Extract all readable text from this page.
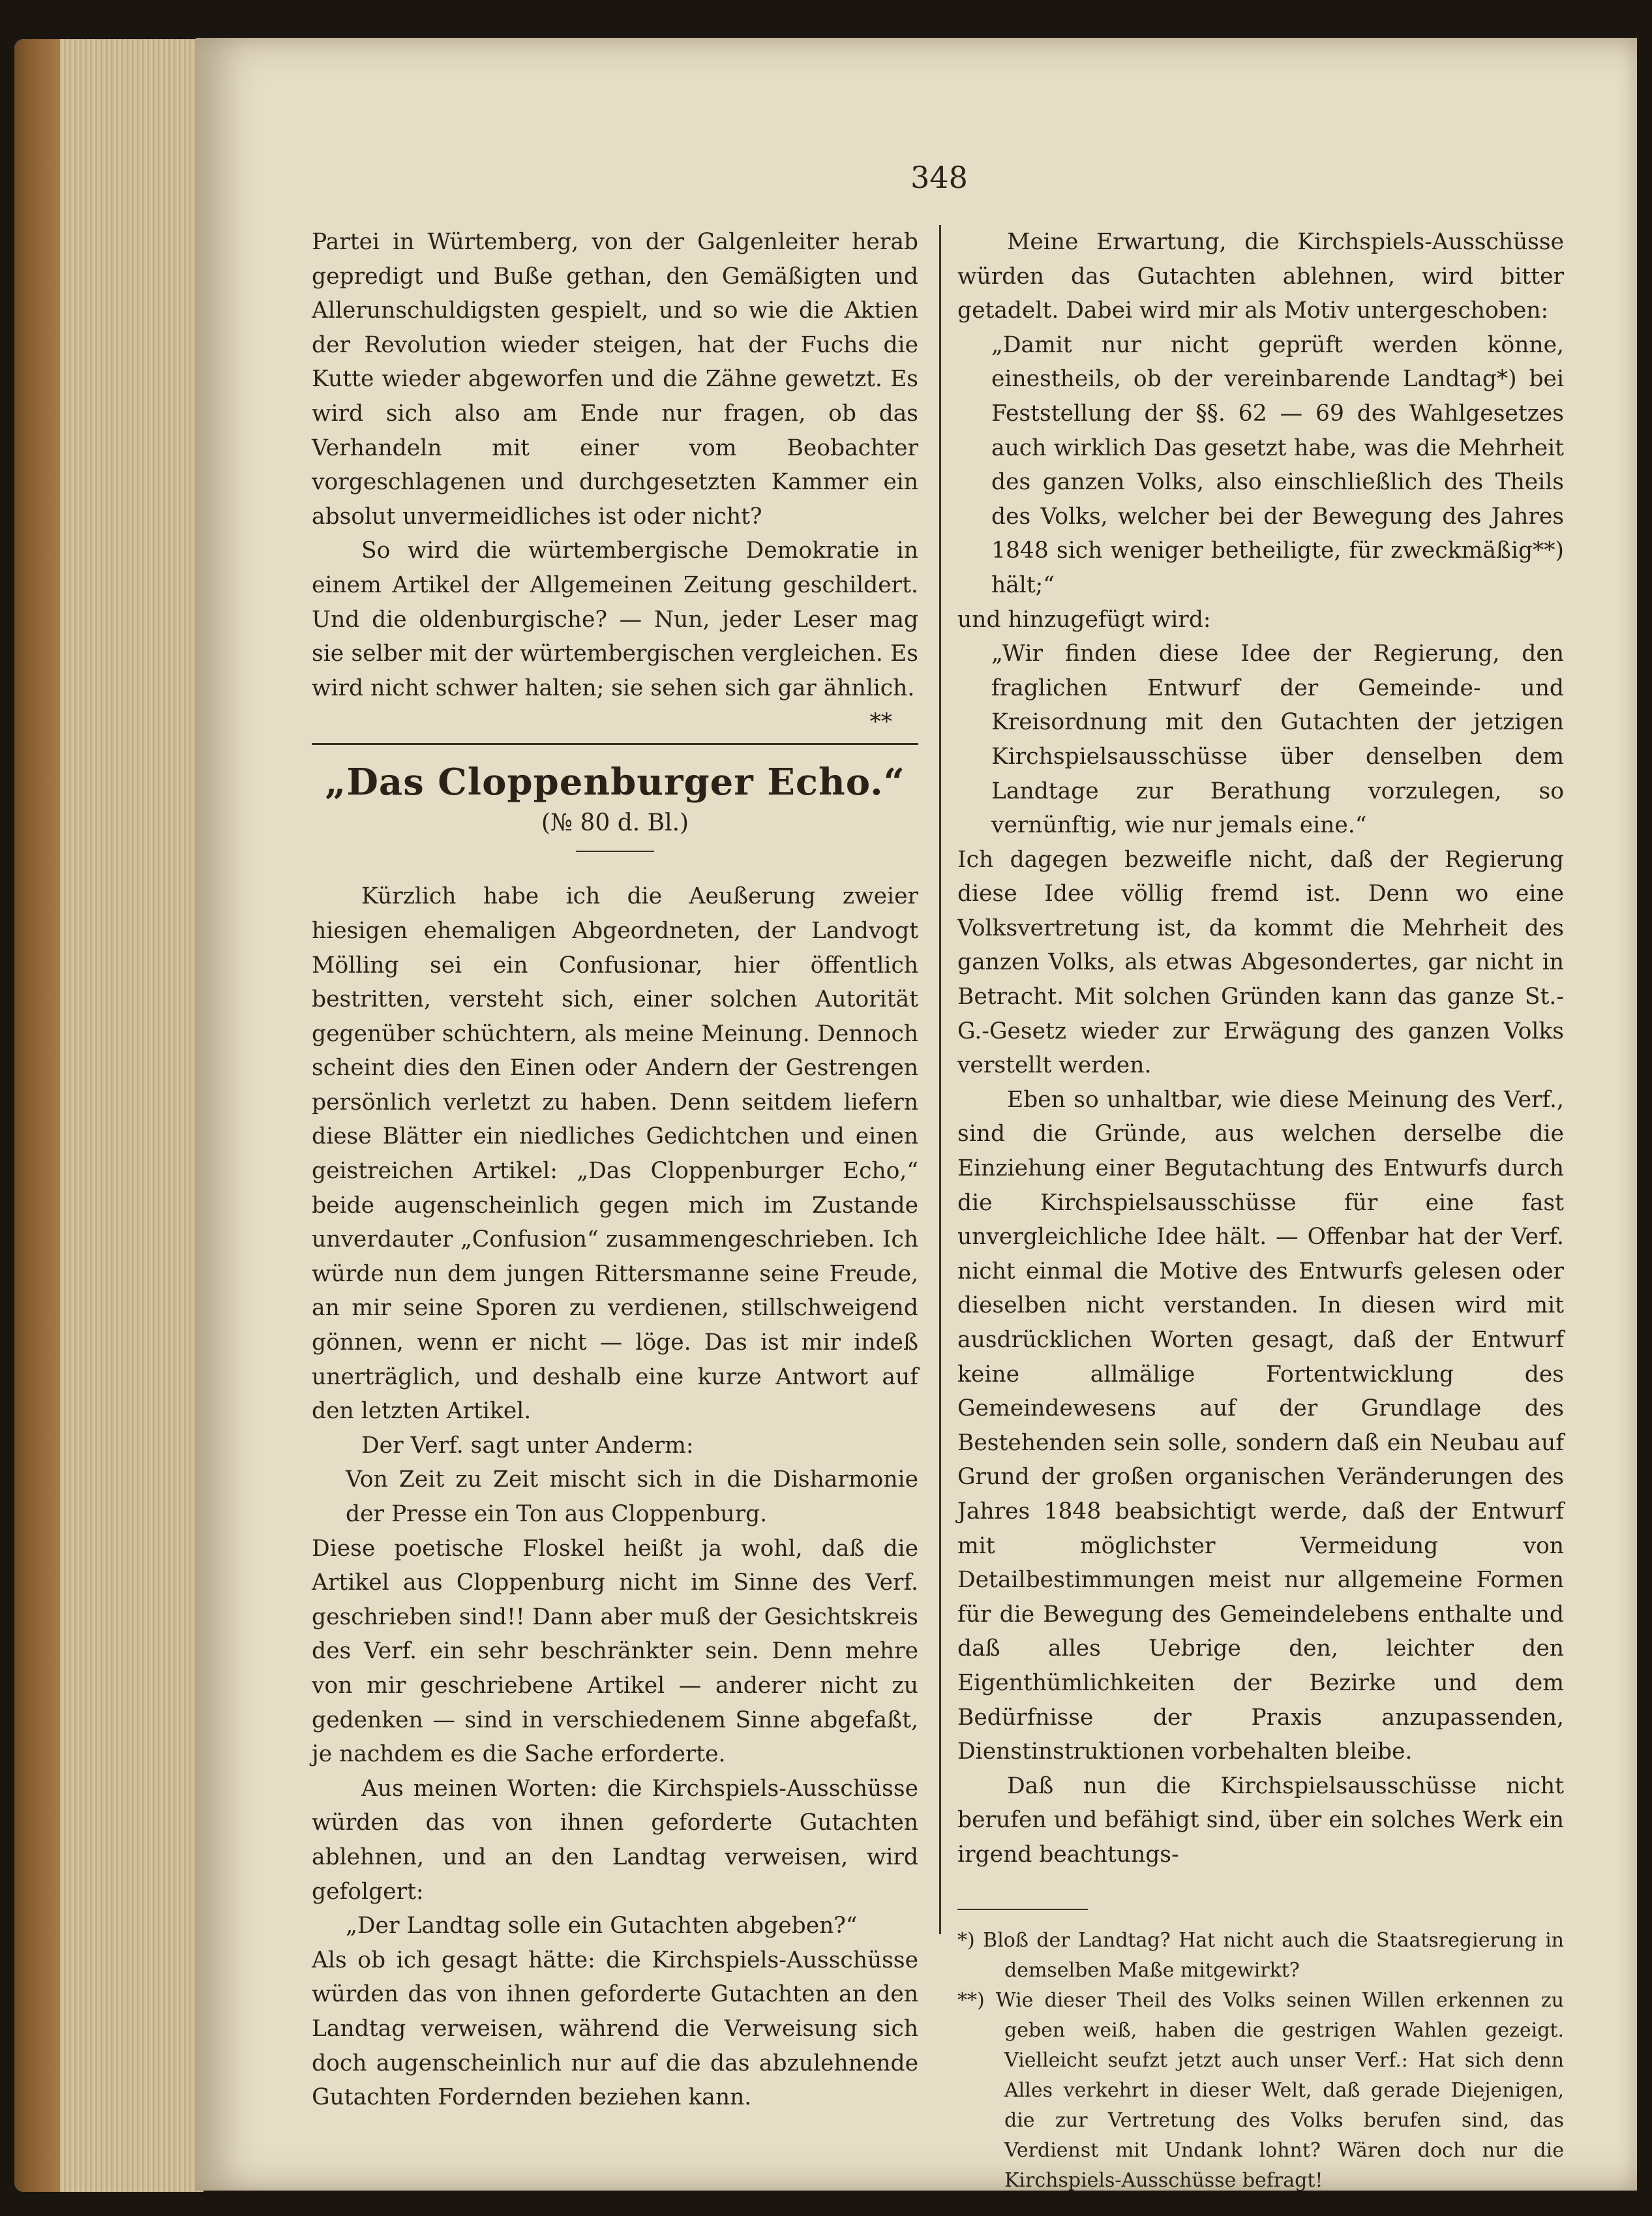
348

Partei in Würtemberg, von der Galgenleiter herab gepredigt und Buße gethan, den Gemäßigten und Allerunschuldigsten gespielt, und so wie die Aktien der Revolution wieder steigen, hat der Fuchs die Kutte wieder abgeworfen und die Zähne gewetzt. Es wird sich also am Ende nur fragen, ob das Verhandeln mit einer vom Beobachter vorgeschlagenen und durchgesetzten Kammer ein absolut unvermeidliches ist oder nicht?

So wird die würtembergische Demokratie in einem Artikel der Allgemeinen Zeitung geschildert. Und die oldenburgische? — Nun, jeder Leser mag sie selber mit der würtembergischen vergleichen. Es wird nicht schwer halten; sie sehen sich gar ähnlich.
**

„Das Cloppenburger Echo.“

(№ 80 d. Bl.)

Kürzlich habe ich die Aeußerung zweier hiesigen ehemaligen Abgeordneten, der Landvogt Mölling sei ein Confusionar, hier öffentlich bestritten, versteht sich, einer solchen Autorität gegenüber schüchtern, als meine Meinung. Dennoch scheint dies den Einen oder Andern der Gestrengen persönlich verletzt zu haben. Denn seitdem liefern diese Blätter ein niedliches Gedichtchen und einen geistreichen Artikel: „Das Cloppenburger Echo,“ beide augenscheinlich gegen mich im Zustande unverdauter „Confusion“ zusammengeschrieben. Ich würde nun dem jungen Rittersmanne seine Freude, an mir seine Sporen zu verdienen, stillschweigend gönnen, wenn er nicht — löge. Das ist mir indeß unerträglich, und deshalb eine kurze Antwort auf den letzten Artikel.

Der Verf. sagt unter Anderm:

Von Zeit zu Zeit mischt sich in die Disharmonie der Presse ein Ton aus Cloppenburg.

Diese poetische Floskel heißt ja wohl, daß die Artikel aus Cloppenburg nicht im Sinne des Verf. geschrieben sind!! Dann aber muß der Gesichtskreis des Verf. ein sehr beschränkter sein. Denn mehre von mir geschriebene Artikel — anderer nicht zu gedenken — sind in verschiedenem Sinne abgefaßt, je nachdem es die Sache erforderte.

Aus meinen Worten: die Kirchspiels-Ausschüsse würden das von ihnen geforderte Gutachten ablehnen, und an den Landtag verweisen, wird gefolgert:

„Der Landtag solle ein Gutachten abgeben?“

Als ob ich gesagt hätte: die Kirchspiels-Ausschüsse würden das von ihnen geforderte Gutachten an den Landtag verweisen, während die Verweisung sich doch augenscheinlich nur auf die das abzulehnende Gutachten Fordernden beziehen kann.

Meine Erwartung, die Kirchspiels-Ausschüsse würden das Gutachten ablehnen, wird bitter getadelt. Dabei wird mir als Motiv untergeschoben:

„Damit nur nicht geprüft werden könne, einestheils, ob der vereinbarende Landtag*) bei Feststellung der §§. 62 — 69 des Wahlgesetzes auch wirklich Das gesetzt habe, was die Mehrheit des ganzen Volks, also einschließlich des Theils des Volks, welcher bei der Bewegung des Jahres 1848 sich weniger betheiligte, für zweckmäßig**) hält;“

und hinzugefügt wird:

„Wir finden diese Idee der Regierung, den fraglichen Entwurf der Gemeinde- und Kreisordnung mit den Gutachten der jetzigen Kirchspielsausschüsse über denselben dem Landtage zur Berathung vorzulegen, so vernünftig, wie nur jemals eine.“

Ich dagegen bezweifle nicht, daß der Regierung diese Idee völlig fremd ist. Denn wo eine Volksvertretung ist, da kommt die Mehrheit des ganzen Volks, als etwas Abgesondertes, gar nicht in Betracht. Mit solchen Gründen kann das ganze St.-G.-Gesetz wieder zur Erwägung des ganzen Volks verstellt werden.

Eben so unhaltbar, wie diese Meinung des Verf., sind die Gründe, aus welchen derselbe die Einziehung einer Begutachtung des Entwurfs durch die Kirchspielsausschüsse für eine fast unvergleichliche Idee hält. — Offenbar hat der Verf. nicht einmal die Motive des Entwurfs gelesen oder dieselben nicht verstanden. In diesen wird mit ausdrücklichen Worten gesagt, daß der Entwurf keine allmälige Fortentwicklung des Gemeindewesens auf der Grundlage des Bestehenden sein solle, sondern daß ein Neubau auf Grund der großen organischen Veränderungen des Jahres 1848 beabsichtigt werde, daß der Entwurf mit möglichster Vermeidung von Detailbestimmungen meist nur allgemeine Formen für die Bewegung des Gemeindelebens enthalte und daß alles Uebrige den, leichter den Eigenthümlichkeiten der Bezirke und dem Bedürfnisse der Praxis anzupassenden, Dienstinstruktionen vorbehalten bleibe.

Daß nun die Kirchspielsausschüsse nicht berufen und befähigt sind, über ein solches Werk ein irgend beachtungs-

*) Bloß der Landtag? Hat nicht auch die Staatsregierung in demselben Maße mitgewirkt?

**) Wie dieser Theil des Volks seinen Willen erkennen zu geben weiß, haben die gestrigen Wahlen gezeigt. Vielleicht seufzt jetzt auch unser Verf.: Hat sich denn Alles verkehrt in dieser Welt, daß gerade Diejenigen, die zur Vertretung des Volks berufen sind, das Verdienst mit Undank lohnt? Wären doch nur die Kirchspiels-Ausschüsse befragt!
